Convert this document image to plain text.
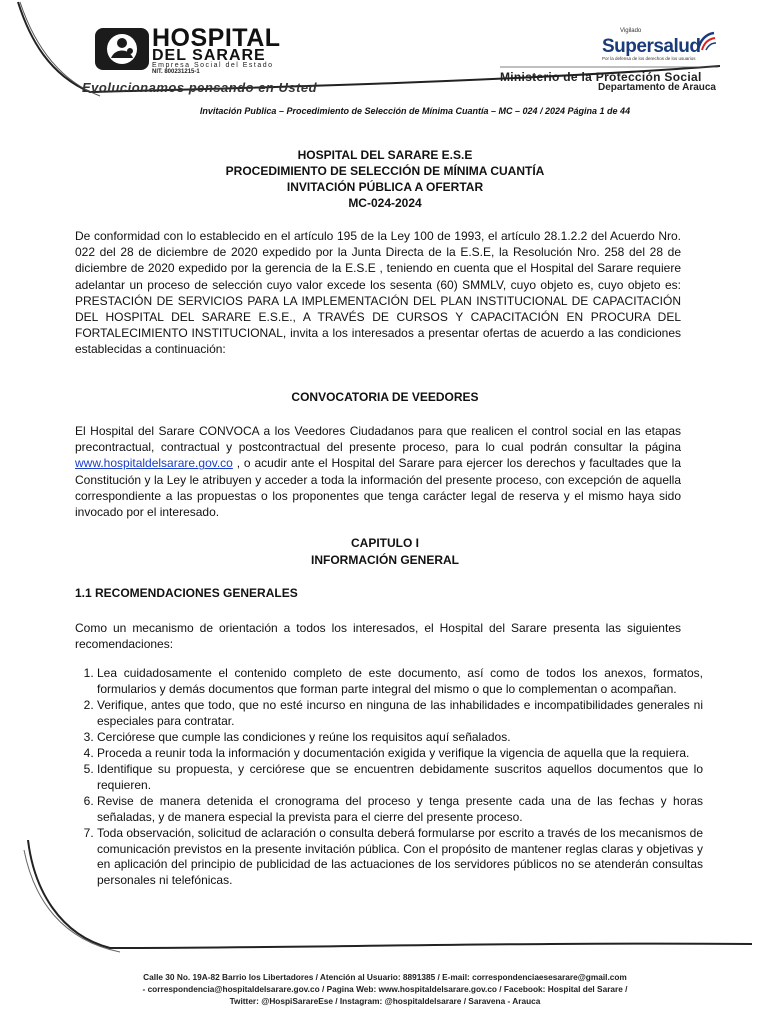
HOSPITAL
DEL SARARE
Empresa Social del Estado
NIT. 800231215-1
Evolucionamos pensando en Usted
Vigilado
Supersalud
Por la defensa de los derechos de los usuarios
Ministerio de la Protección Social
Departamento de Arauca
Invitación Publica – Procedimiento de Selección de Mínima Cuantía – MC – 024 / 2024 Página 1 de 44
HOSPITAL DEL SARARE E.S.E
PROCEDIMIENTO DE SELECCIÓN DE MÍNIMA CUANTÍA
INVITACIÓN PÚBLICA A OFERTAR
MC-024-2024
De conformidad con lo establecido en el artículo 195 de la Ley 100 de 1993, el artículo 28.1.2.2 del Acuerdo Nro. 022 del 28 de diciembre de 2020 expedido por la Junta Directa de la E.S.E, la Resolución Nro. 258 del 28 de diciembre de 2020 expedido por la gerencia de la E.S.E , teniendo en cuenta que el Hospital del Sarare requiere adelantar un proceso de selección cuyo valor excede los sesenta (60) SMMLV, cuyo objeto es, cuyo objeto es: PRESTACIÓN DE SERVICIOS PARA LA IMPLEMENTACIÓN DEL PLAN INSTITUCIONAL DE CAPACITACIÓN DEL HOSPITAL DEL SARARE E.S.E., A TRAVÉS DE CURSOS Y CAPACITACIÓN EN PROCURA DEL FORTALECIMIENTO INSTITUCIONAL, invita a los interesados a presentar ofertas de acuerdo a las condiciones establecidas a continuación:
CONVOCATORIA DE VEEDORES
El Hospital del Sarare CONVOCA a los Veedores Ciudadanos para que realicen el control social en las etapas precontractual, contractual y postcontractual del presente proceso, para lo cual podrán consultar la página www.hospitaldelsarare.gov.co , o acudir ante el Hospital del Sarare para ejercer los derechos y facultades que la Constitución y la Ley le atribuyen y acceder a toda la información del presente proceso, con excepción de aquella correspondiente a las propuestas o los proponentes que tenga carácter legal de reserva y el mismo haya sido invocado por el interesado.
CAPITULO I
INFORMACIÓN GENERAL
1.1 RECOMENDACIONES GENERALES
Como un mecanismo de orientación a todos los interesados, el Hospital del Sarare presenta las siguientes recomendaciones:
1. Lea cuidadosamente el contenido completo de este documento, así como de todos los anexos, formatos, formularios y demás documentos que forman parte integral del mismo o que lo complementan o acompañan.
2. Verifique, antes que todo, que no esté incurso en ninguna de las inhabilidades e incompatibilidades generales ni especiales para contratar.
3. Cerciórese que cumple las condiciones y reúne los requisitos aquí señalados.
4. Proceda a reunir toda la información y documentación exigida y verifique la vigencia de aquella que la requiera.
5. Identifique su propuesta, y cerciórese que se encuentren debidamente suscritos aquellos documentos que lo requieren.
6. Revise de manera detenida el cronograma del proceso y tenga presente cada una de las fechas y horas señaladas, y de manera especial la prevista para el cierre del presente proceso.
7. Toda observación, solicitud de aclaración o consulta deberá formularse por escrito a través de los mecanismos de comunicación previstos en la presente invitación pública. Con el propósito de mantener reglas claras y objetivas y en aplicación del principio de publicidad de las actuaciones de los servidores públicos no se atenderán consultas personales ni telefónicas.
Calle 30 No. 19A-82 Barrio los Libertadores / Atención al Usuario: 8891385 / E-mail: correspondenciaesesarare@gmail.com
- correspondencia@hospitaldelsarare.gov.co / Pagina Web: www.hospitaldelsarare.gov.co / Facebook: Hospital del Sarare /
Twitter: @HospiSarareEse / Instagram: @hospitaldelsarare / Saravena - Arauca
